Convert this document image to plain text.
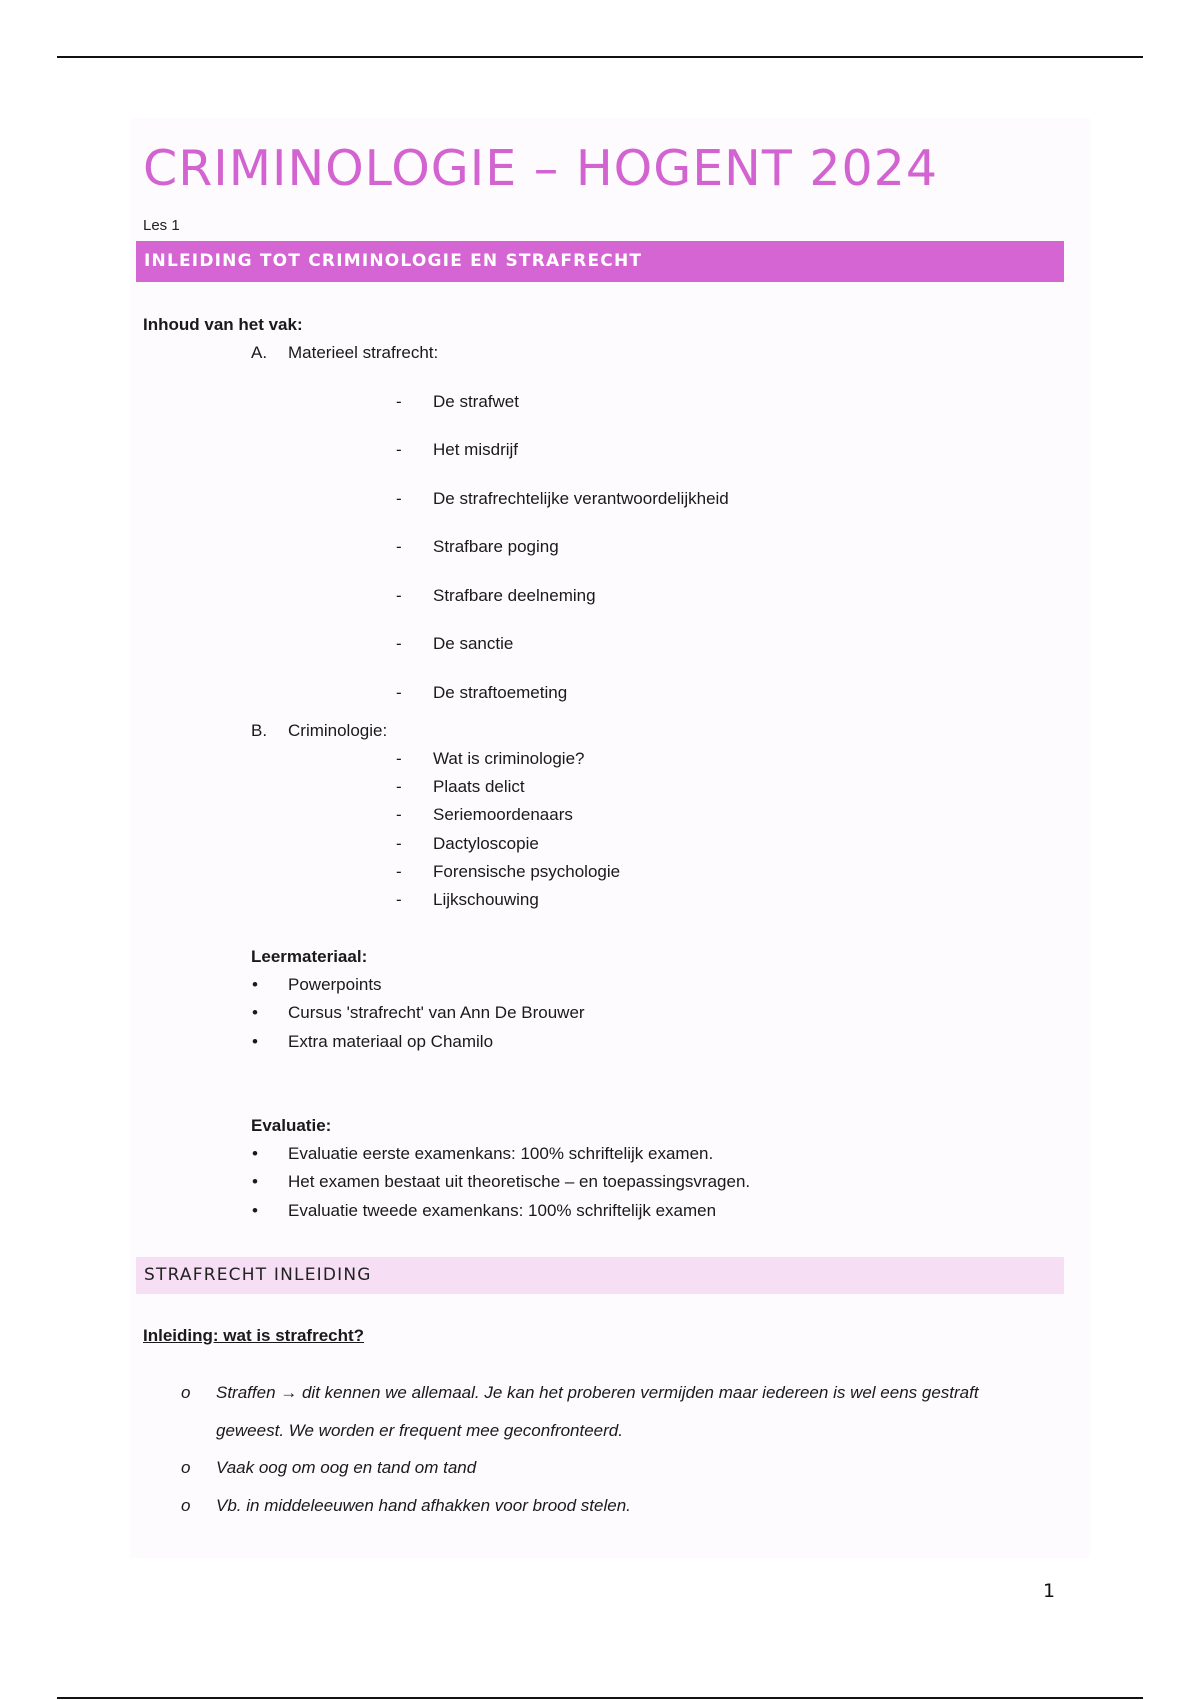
CRIMINOLOGIE – HOGENT 2024
Les 1
INLEIDING TOT CRIMINOLOGIE EN STRAFRECHT
Inhoud van het vak:
A. Materieel strafrecht:
- De strafwet
- Het misdrijf
- De strafrechtelijke verantwoordelijkheid
- Strafbare poging
- Strafbare deelneming
- De sanctie
- De straftoemeting
B. Criminologie:
- Wat is criminologie?
- Plaats delict
- Seriemoordenaars
- Dactyloscopie
- Forensische psychologie
- Lijkschouwing
Leermateriaal:
• Powerpoints
• Cursus 'strafrecht' van Ann De Brouwer
• Extra materiaal op Chamilo
Evaluatie:
• Evaluatie eerste examenkans: 100% schriftelijk examen.
• Het examen bestaat uit theoretische – en toepassingsvragen.
• Evaluatie tweede examenkans: 100% schriftelijk examen
STRAFRECHT INLEIDING
Inleiding: wat is strafrecht?
o Straffen → dit kennen we allemaal. Je kan het proberen vermijden maar iedereen is wel eens gestraft
geweest. We worden er frequent mee geconfronteerd.
o Vaak oog om oog en tand om tand
o Vb. in middeleeuwen hand afhakken voor brood stelen.
1
